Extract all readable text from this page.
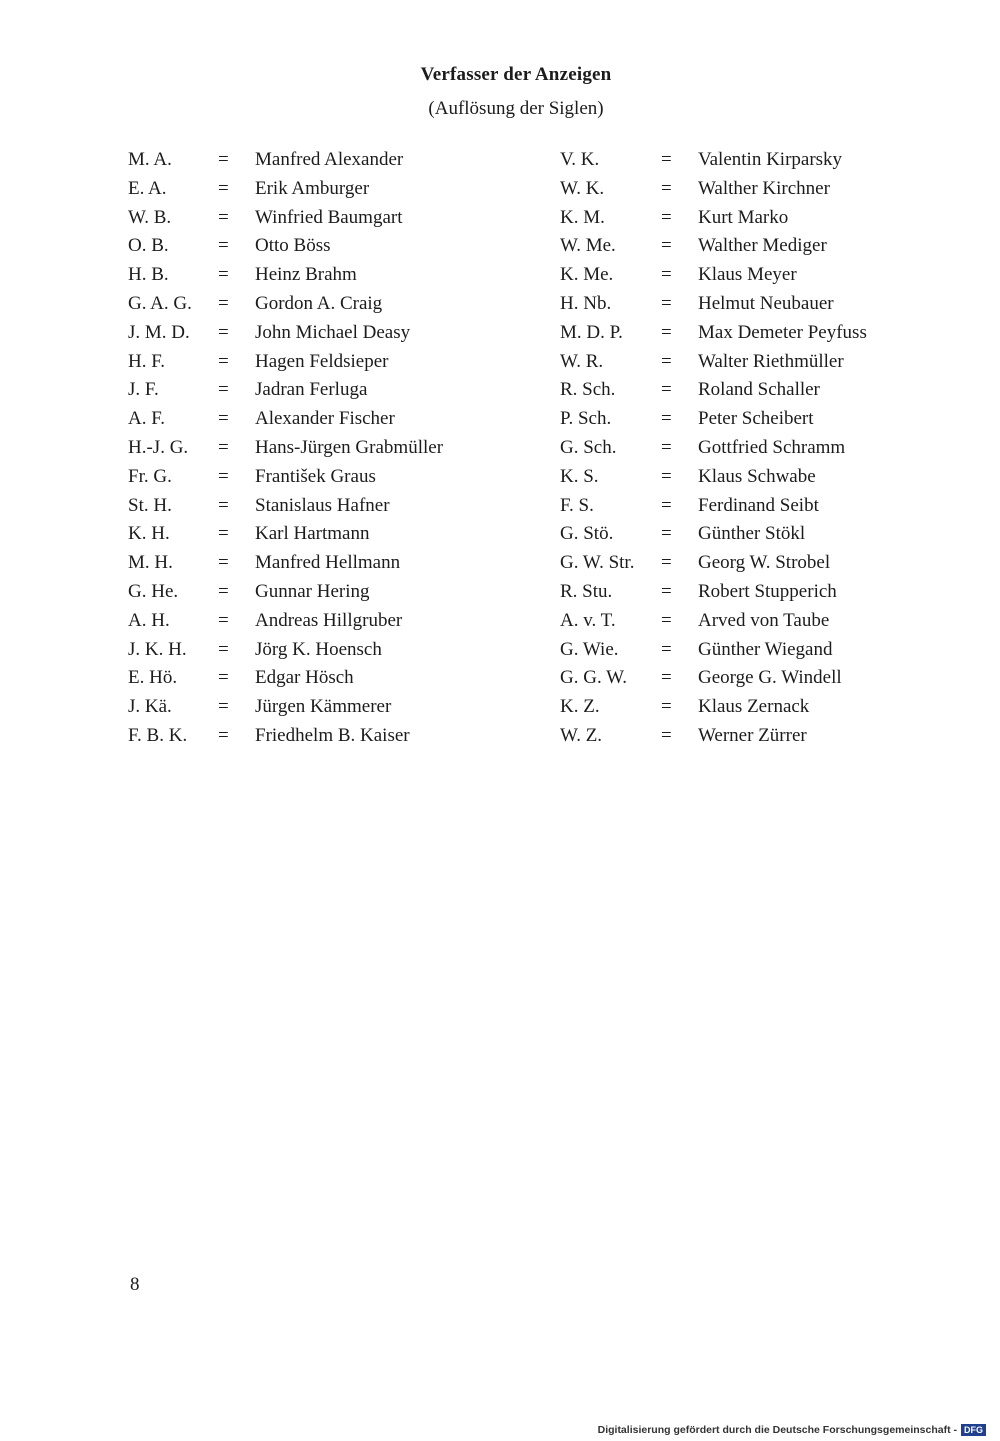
Verfasser der Anzeigen
(Auflösung der Siglen)
M. A. = Manfred Alexander
E. A.	= Erik Amburger
W. B. = Winfried Baumgart
O. B.	= Otto Böss
H. B.	= Heinz Brahm
G. A. G. = Gordon A. Craig
J. M. D. = John Michael Deasy
H. F.	= Hagen Feldsieper
J. F.	= Jadran Ferluga
A. F.	= Alexander Fischer
H.-J. G. = Hans-Jürgen Grabmüller
Fr. G. = František Graus
St. H. = Stanislaus Hafner
K. H.	= Karl Hartmann
M. H. = Manfred Hellmann
G. He. = Gunnar Hering
A. H.	= Andreas Hillgruber
J. K. H. = Jörg K. Hoensch
E. Hö. = Edgar Hösch
J. Kä. = Jürgen Kämmerer
F. B. K. = Friedhelm B. Kaiser
V. K.	= Valentin Kirparsky
W. K.	= Walther Kirchner
K. M.	= Kurt Marko
W. Me. = Walther Mediger
K. Me.	= Klaus Meyer
H. Nb.	= Helmut Neubauer
M. D. P. = Max Demeter Peyfuss
W. R.	= Walter Riethmüller
R. Sch. = Roland Schaller
P. Sch.	= Peter Scheibert
G. Sch. = Gottfried Schramm
K. S.	= Klaus Schwabe
F. S.	= Ferdinand Seibt
G. Stö.	= Günther Stökl
G. W. Str. = Georg W. Strobel
R. Stu.	= Robert Stupperich
A. v. T. = Arved von Taube
G. Wie. = Günther Wiegand
G. G. W. = George G. Windell
K. Z.	= Klaus Zernack
W. Z.	= Werner Zürrer
8
Digitalisierung gefördert durch die Deutsche Forschungsgemeinschaft - DFG
